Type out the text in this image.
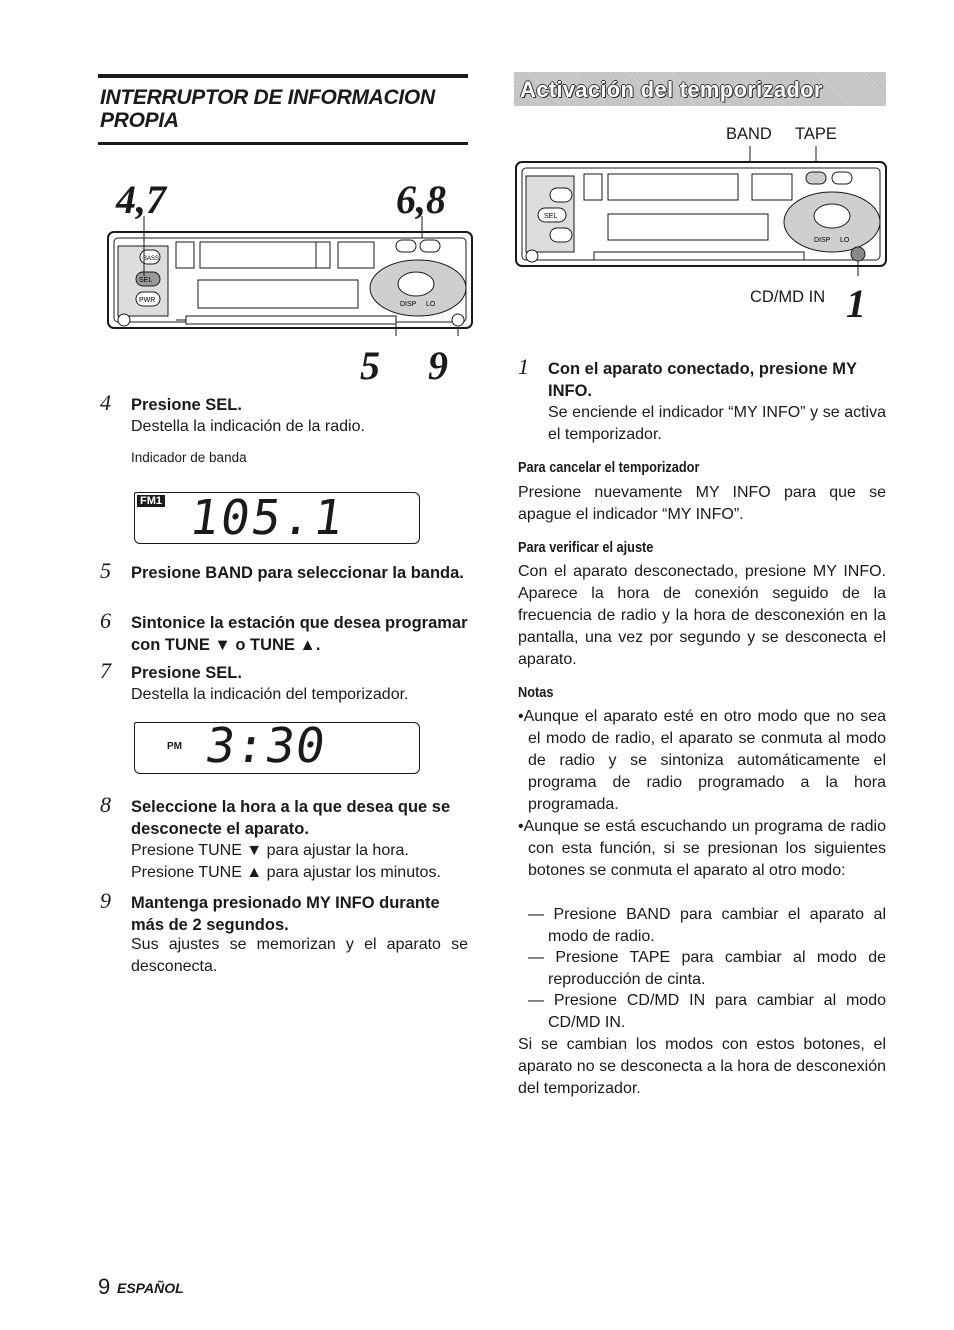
INTERRUPTOR DE INFORMACION
PROPIA
4,7	6,8
BASS
SEL
PWR
DISP LO
5 9
4 Presione SEL.
Destella la indicación de la radio.
Indicador de banda
FM1 105.1
5 Presione BAND para seleccionar la banda.
6 Sintonice la estación que desea programar con TUNE ▼ o TUNE ▲.
7 Presione SEL.
Destella la indicación del temporizador.
PM 3:30
8 Seleccione la hora a la que desea que se desconecte el aparato.
Presione TUNE ▼ para ajustar la hora.
Presione TUNE ▲ para ajustar los minutos.
9 Mantenga presionado MY INFO durante más de 2 segundos.
Sus ajustes se memorizan y el aparato se desconecta.
Activación del temporizador
BAND TAPE
SEL
DISP LO
CD/MD IN 1
1 Con el aparato conectado, presione MY INFO.
Se enciende el indicador “MY INFO” y se activa el temporizador.
Para cancelar el temporizador
Presione nuevamente MY INFO para que se apague el indicador “MY INFO”.
Para verificar el ajuste
Con el aparato desconectado, presione MY INFO. Aparece la hora de conexión seguido de la frecuencia de radio y la hora de desconexión en la pantalla, una vez por segundo y se desconecta el aparato.
Notas
•Aunque el aparato esté en otro modo que no sea el modo de radio, el aparato se conmuta al modo de radio y se sintoniza automáticamente el programa de radio programado a la hora programada.
•Aunque se está escuchando un programa de radio con esta función, si se presionan los siguientes botones se conmuta el aparato al otro modo:
— Presione BAND para cambiar el aparato al modo de radio.
— Presione TAPE para cambiar al modo de reproducción de cinta.
— Presione CD/MD IN para cambiar al modo CD/MD IN.
Si se cambian los modos con estos botones, el aparato no se desconecta a la hora de desconexión del temporizador.
9 ESPAÑOL
